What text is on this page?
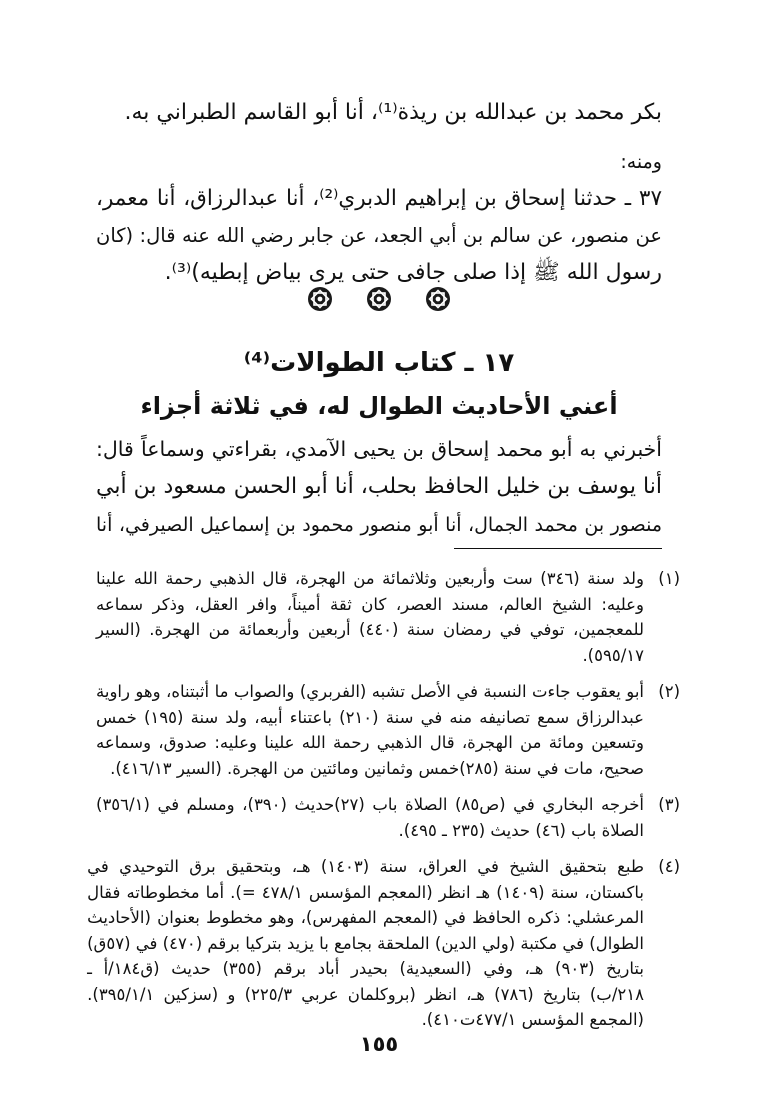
بكر محمد بن عبدالله بن ريذة⁽¹⁾، أنا أبو القاسم الطبراني به.
ومنه:
٣٧ ـ حدثنا إسحاق بن إبراهيم الدبري⁽²⁾، أنا عبدالرزاق، أنا معمر،
عن منصور، عن سالم بن أبي الجعد، عن جابر رضي الله عنه قال: (كان
رسول الله ﷺ إذا صلى جافى حتى يرى بياض إبطيه)⁽³⁾.

١٧ ـ كتاب الطوالات⁽⁴⁾
أعني الأحاديث الطوال له، في ثلاثة أجزاء
أخبرني به أبو محمد إسحاق بن يحيى الآمدي، بقراءتي وسماعاً قال:
أنا يوسف بن خليل الحافظ بحلب، أنا أبو الحسن مسعود بن أبي
منصور بن محمد الجمال، أنا أبو منصور محمود بن إسماعيل الصيرفي، أنا
(١)
ولد سنة (٣٤٦) ست وأربعين وثلاثمائة من الهجرة، قال الذهبي رحمة الله علينا
وعليه: الشيخ العالم، مسند العصر، كان ثقة أميناً، وافر العقل، وذكر سماعه
للمعجمين، توفي في رمضان سنة (٤٤٠) أربعين وأربعمائة من الهجرة. (السير
٥٩٥/١٧).
(٢)
أبو يعقوب جاءت النسبة في الأصل تشبه (الفربري) والصواب ما أثبتناه، وهو راوية
عبدالرزاق سمع تصانيفه منه في سنة (٢١٠) باعتناء أبيه، ولد سنة (١٩٥) خمس
وتسعين ومائة من الهجرة، قال الذهبي رحمة الله علينا وعليه: صدوق، وسماعه
صحيح، مات في سنة (٢٨٥)خمس وثمانين ومائتين من الهجرة. (السير ٤١٦/١٣).
(٣)
أخرجه البخاري في (ص٨٥) الصلاة باب (٢٧)حديث (٣٩٠)، ومسلم في (٣٥٦/١)
الصلاة باب (٤٦) حديث (٢٣٥ ـ ٤٩٥).
(٤)
طبع بتحقيق الشيخ في العراق، سنة (١٤٠٣) هـ، وبتحقيق برق التوحيدي في
باكستان، سنة (١٤٠٩) هـ انظر (المعجم المؤسس ٤٧٨/١ =). أما مخطوطاته فقال
المرعشلي: ذكره الحافظ في (المعجم المفهرس)، وهو مخطوط بعنوان (الأحاديث
الطوال) في مكتبة (ولي الدين) الملحقة بجامع با يزيد بتركيا برقم (٤٧٠) في (٥٧ق)
بتاريخ (٩٠٣) هـ، وفي (السعيدية) بحيدر أباد برقم (٣٥٥) حديث (ق١٨٤/أ ـ
٢١٨/ب) بتاريخ (٧٨٦) هـ، انظر (بروكلمان عربي ٢٢٥/٣) و (سزكين ٣٩٥/١/١).
(المجمع المؤسس ٤٧٧/١ت٤١٠).
١٥٥
